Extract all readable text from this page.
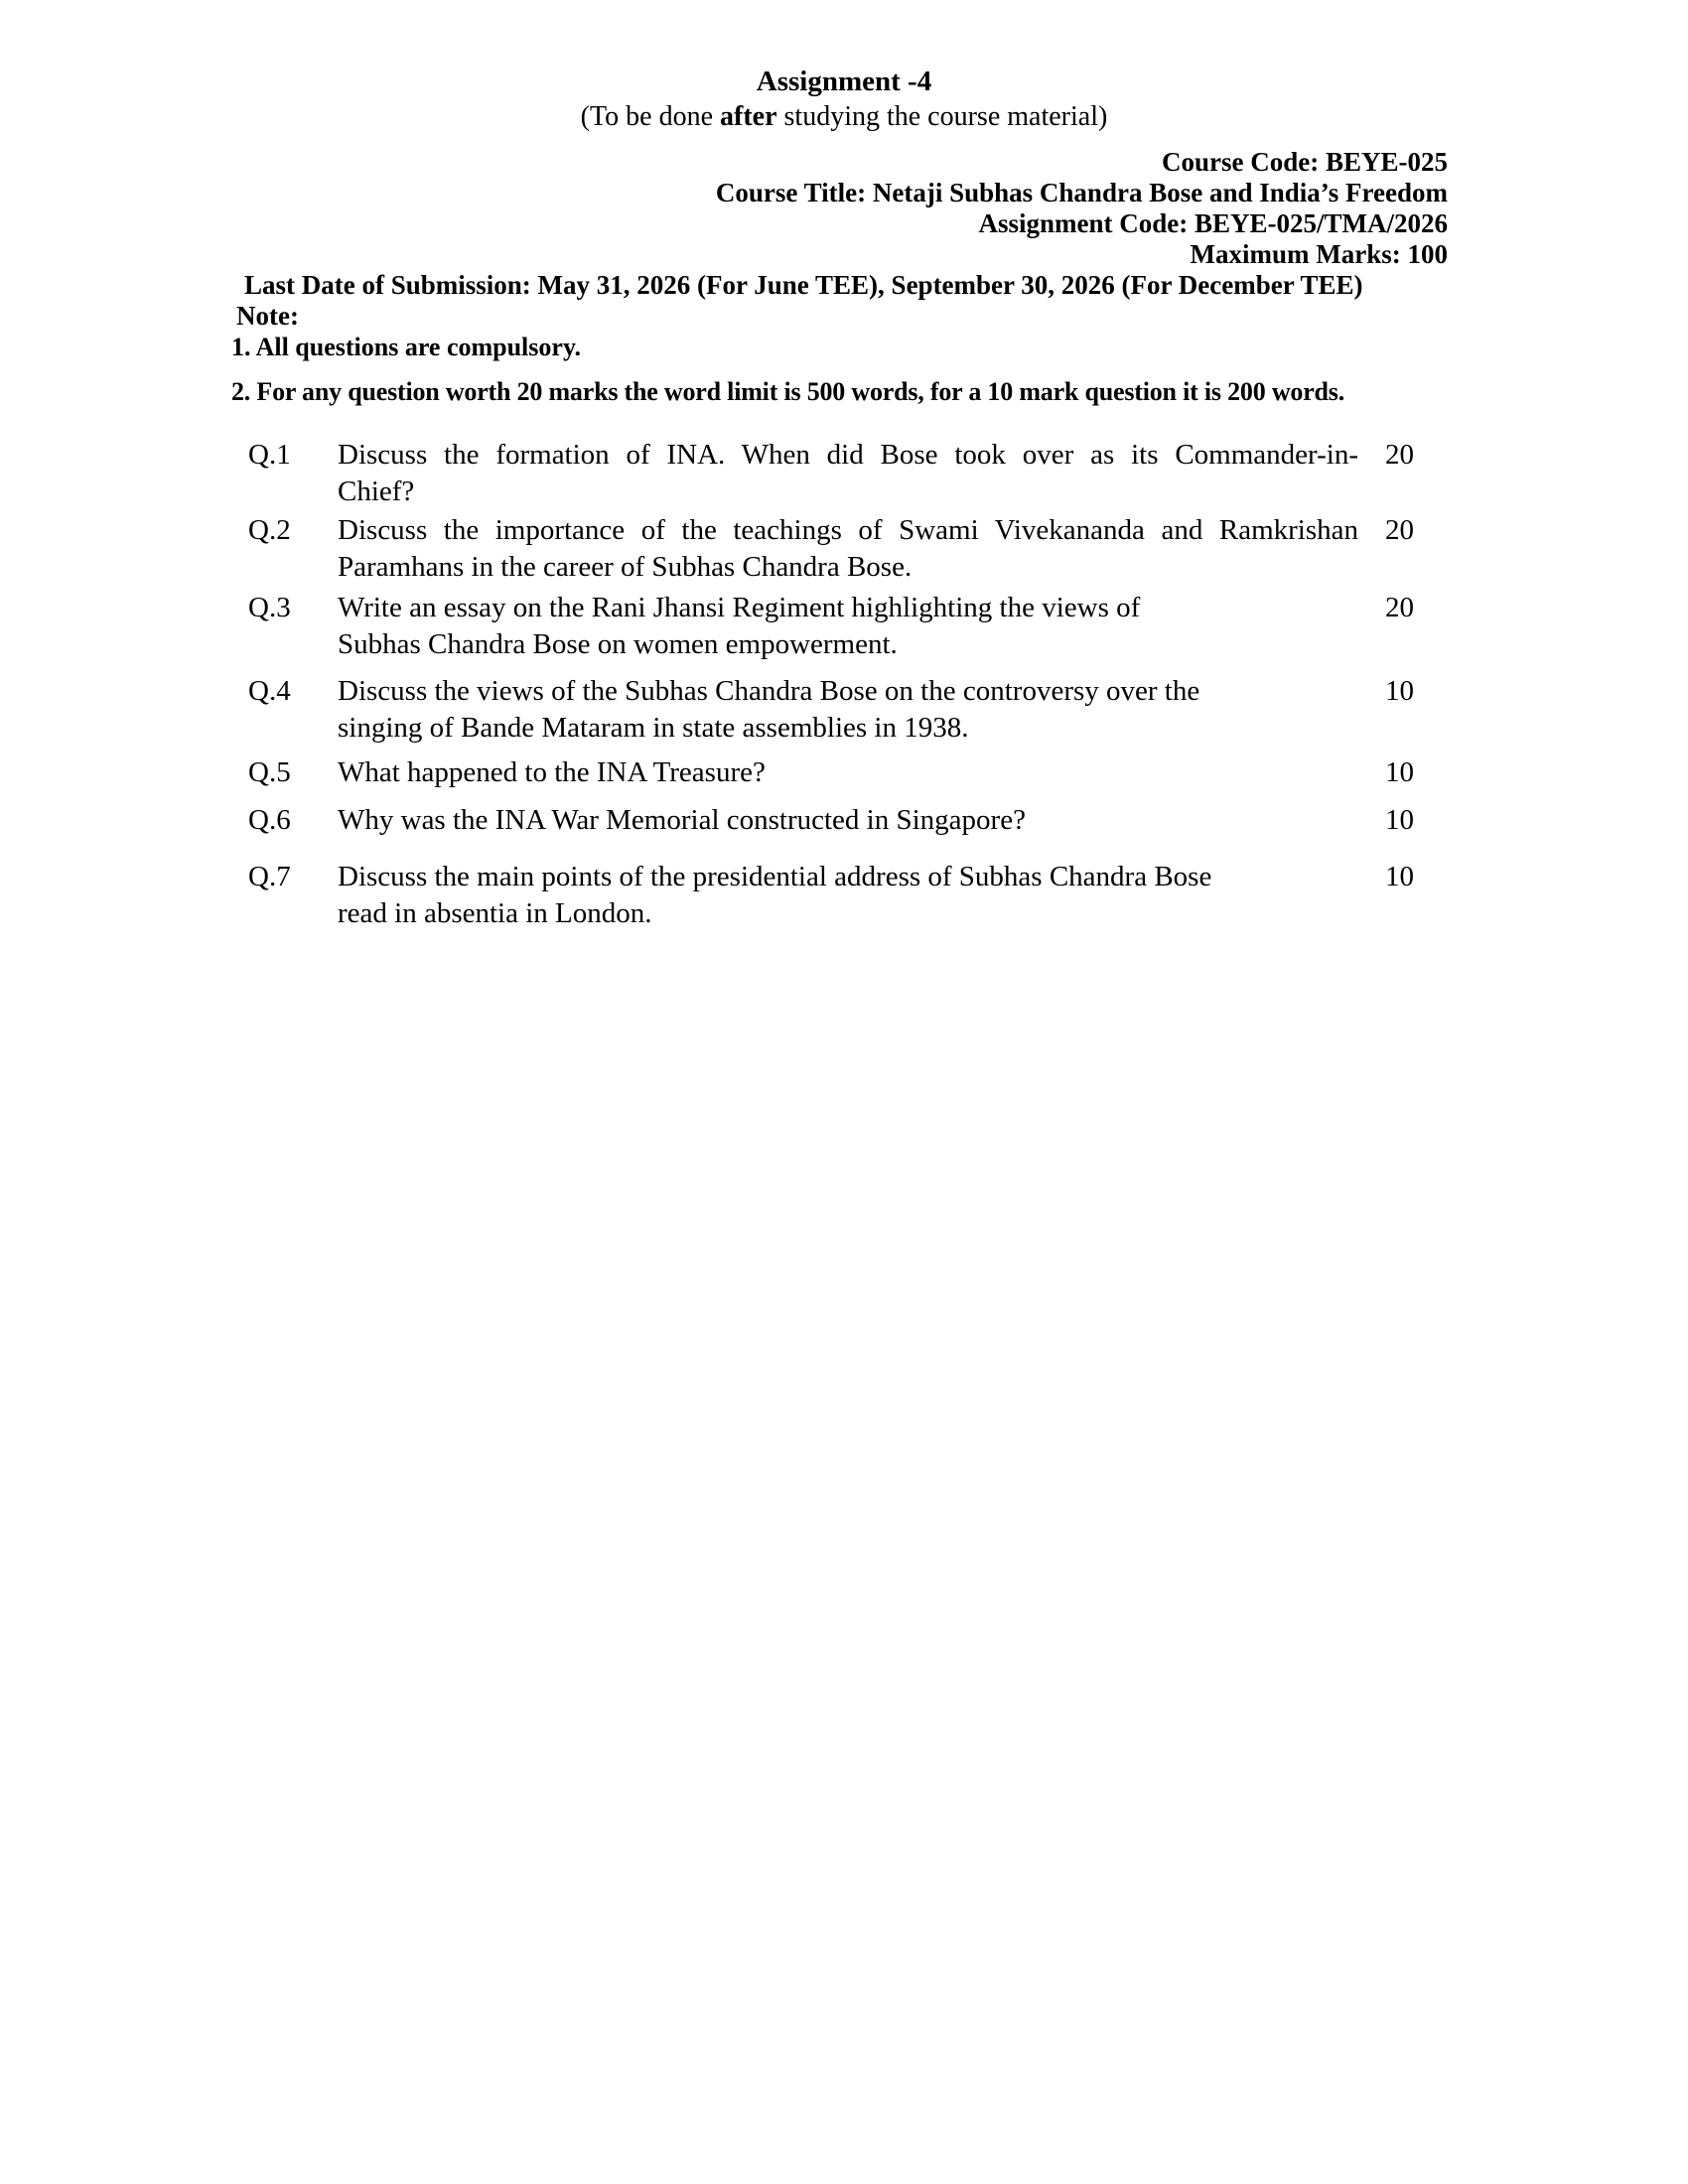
Assignment -4
(To be done after studying the course material)
Course Code: BEYE-025
Course Title: Netaji Subhas Chandra Bose and India’s Freedom
Assignment Code: BEYE-025/TMA/2026
Maximum Marks: 100
Last Date of Submission: May 31, 2026 (For June TEE), September 30, 2026 (For December TEE)
Note:
1. All questions are compulsory.
2. For any question worth 20 marks the word limit is 500 words, for a 10 mark question it is 200 words.
Q.1 Discuss the formation of INA. When did Bose took over as its Commander-in-
Chief?
20
Q.2 Discuss the importance of the teachings of Swami Vivekananda and Ramkrishan
Paramhans in the career of Subhas Chandra Bose.
20
Q.3 Write an essay on the Rani Jhansi Regiment highlighting the views of
Subhas Chandra Bose on women empowerment.
20
Q.4 Discuss the views of the Subhas Chandra Bose on the controversy over the
singing of Bande Mataram in state assemblies in 1938.
10
Q.5 What happened to the INA Treasure?	10
Q.6 Why was the INA War Memorial constructed in Singapore?	10
Q.7 Discuss the main points of the presidential address of Subhas Chandra Bose
read in absentia in London.
10
